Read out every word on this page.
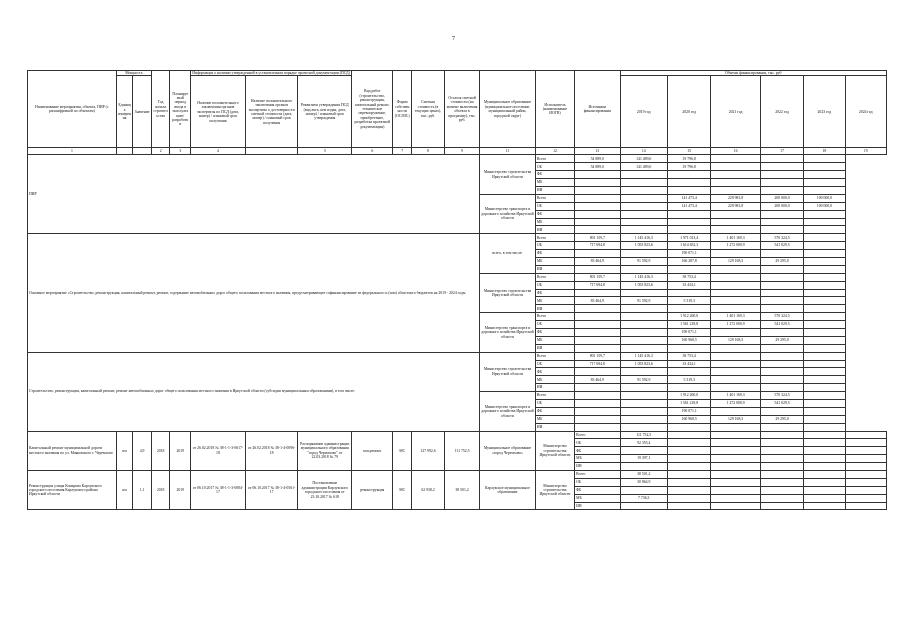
7
Наименование мероприятия, объекта, ПИР (с расшифровкой по объектам)	Мощность		Год начала строительства	Планируемый период ввода в эксплуатацию/разработки	Информация о наличии утвержденной в установленном порядке проектной документации (ПСД)			Вид работ (строительство, реконструкция, капитальный ремонт, техническое перевооружение, приобретение, разработка проектной документации)	Форма собственности (ОС/МС)	Сметная стоимость (в текущих ценах), тыс. руб.	Остаток сметной стоимости (на момент включения объекта в программу), тыс. руб.	Муниципальное образование (муниципальное поселение, муниципальный район, городской округ)	Исполнитель (наименование ИОГВ)	Источники финансирования	Объемы финансирования, тыс. руб					
	Единица измерения	Значение			Наличие положительного заключения органов экспертизы по ПСД (дата, номер) / плановый срок получения	Наличие положительного заключения органов экспертизы о достоверности сметной стоимости (дата, номер) / плановый срок получения	Реквизиты утверждения ПСД (вид акта, кем издан, дата, номер) / плановый срок утверждения								2019 год	2020 год	2021 год	2022 год	2023 год	2024 год
1			2	3	4		5	6	7	8	9	11	12	13	14	15	16	17	18	19
ПИР												Министерство строительства Иркутской области	Всего	54 889,0	141 489,0	19 796,8				
													ОБ	54 889,0	141 489,0	19 796,8				
													ФБ							
													МБ							
													ИИ							
												Министерство транспорта и дорожного хозяйства Иркутской области	Всего			141 473,4	229 981,8	200 000,0	100 000,0	
													ОБ			141 473,4	229 981,8	200 000,0	100 000,0	
													ФБ							
													МБ							
													ИИ							
Основное мероприятие «Строительство, реконструкция, капитальный ремонт, ремонт, содержание автомобильных дорог общего пользования местного значения, предусматривающее софинансирование из федерального и (или) областного бюджетов на 2019 - 2024 годы												всего, в том числе:	Всего	801 159,7	1 145 416,3	1 971 013,4	1 401 169,3	570 324,5		
													ОБ	717 694,8	1 053 823,6	1 614 652,3	1 272 000,9	541 029,5		
													ФБ			190 071,1				
													МБ	83 464,9	91 592,9	166 287,8	129 168,3	29 295,0		
													ИИ							
												Министерство строительства Иркутской области	Всего	801 159,7	1 145 416,3	38 753,4				
													ОБ	717 694,8	1 053 823,6	33 434,1				
													ФБ							
													МБ	83 464,9	91 592,9	5 319,3				
													ИИ							
												Министерство транспорта и дорожного хозяйства Иркутской области	Всего			1 912 260,0	1 401 169,3	570 324,5		
													ОБ			1 561 218,8	1 272 000,9	541 029,5		
													ФБ			190 071,1				
													МБ			160 968,5	129 168,3	29 295,0		
													ИИ							
Строительство, реконструкция, капитальный ремонт, ремонт автомобильных дорог общего пользования местного значения в Иркутской области (субсидии муниципальным образованиям), в том числе:												Министерство строительства Иркутской области	Всего	801 159,7	1 145 416,3	38 753,4				
													ОБ	717 694,8	1 053 823,6	33 434,1				
													ФБ							
													МБ	83 464,9	91 592,9	5 319,3				
													ИИ							
												Министерство транспорта и дорожного хозяйства Иркутской области	Всего			1 912 260,0	1 401 169,3	570 324,5		
													ОБ			1 561 218,8	1 272 000,9	541 029,5		
													ФБ			190 071,1				
													МБ			160 968,5	129 168,3	29 295,0		
													ИИ							
Капитальный ремонт муниципальной дороги местного значения по ул. Маяковского г. Черемхово	км	4,9	2018	2019	от 26.02.2018 № 38-1-1-3-0617-18	от 26.02.2018 № 38-1-4-0096-18	Распоряжение администрации муниципального образования "город Черемхово" от 22.03.2018 № 79	кап.ремонт	МС	127 992,6	111 752,5	Муниципальное образование «город Черемхово»	Министерство строительства Иркутской области	Всего	111 752,5					
														ОБ	92 355,4					
														ФБ						
														МБ	19 397,1					
														ИИ						
Реконструкция улицы Комарова Карлукского городского поселения Карлукского района Иркутской области	км	1,1	2018	2019	от 06.10.2017 № 38-1-1-3-0084-17	от 06.10.2017 № 38-1-4-0561-17	Постановление администрации Карлукского городского поселения от 23.10.2017 № 618	реконструкция	МС	62 938,2	38 501,2	Карлукское муниципальное образование	Министерство строительства Иркутской области	Всего	38 501,2					
														ОБ	30 864,9					
														ФБ						
														МБ	7 736,3					
														ИИ						
